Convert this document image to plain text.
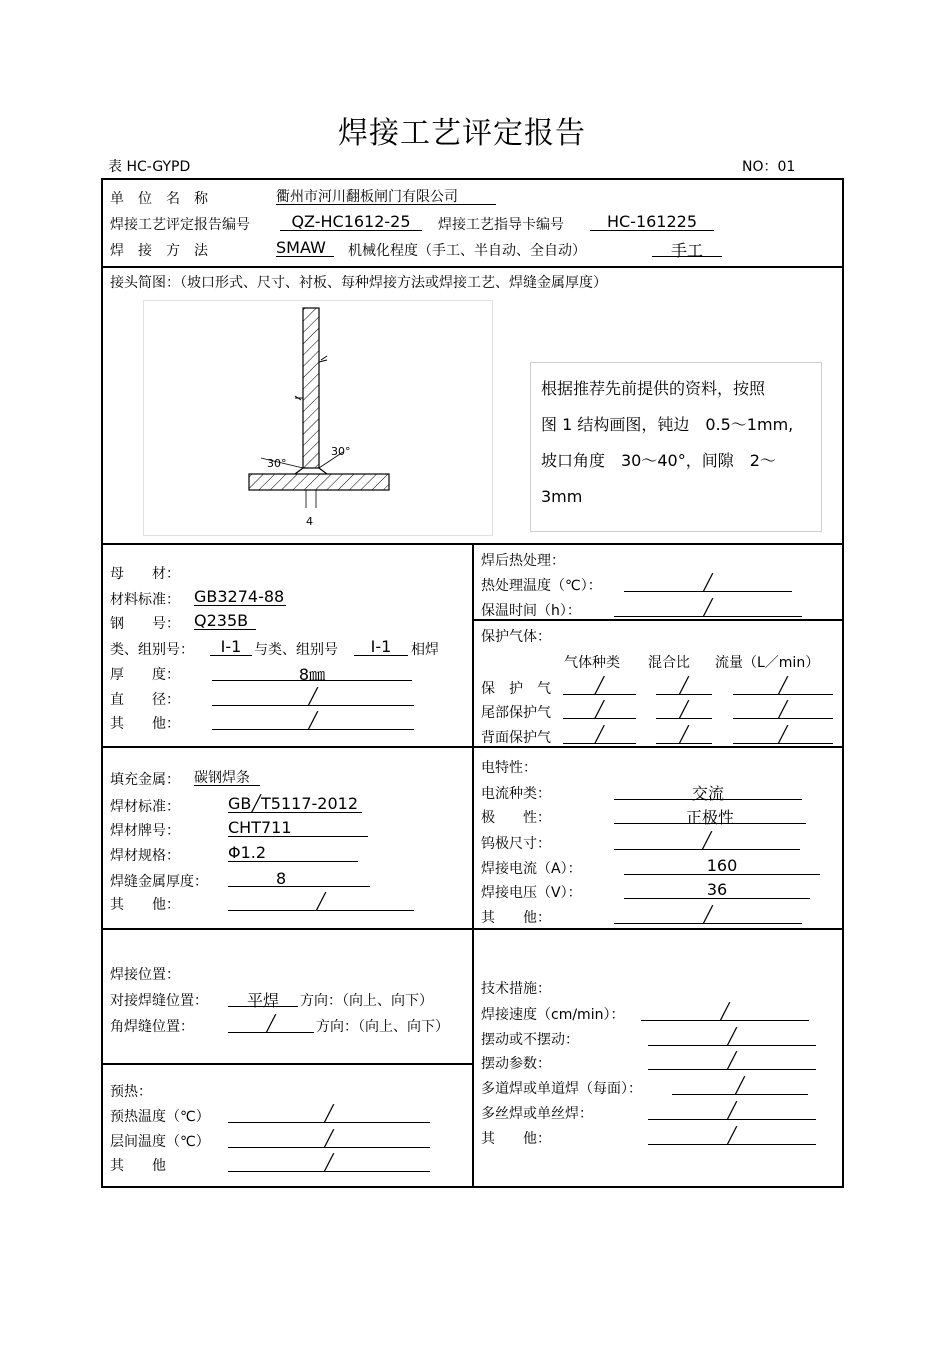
焊接工艺评定报告
表 HC-GYPD	NO：01
单　位　名　称	衢州市河川翻板闸门有限公司
焊接工艺评定报告编号	QZ-HC1612-25	焊接工艺指导卡编号	HC-161225
焊　接　方　法	SMAW	机械化程度（手工、半自动、全自动）	手工
接头简图：（坡口形式、尺寸、衬板、每种焊接方法或焊接工艺、焊缝金属厚度）
30°
30°
4
根据推荐先前提供的资料，按照
图 1 结构画图，钝边　0.5～1mm,
坡口角度　30～40°，间隙　2～
3mm
母　　材：
材料标准： GB3274-88
钢　　号： Q235B
类、组别号：	Ⅰ-1 与类、组别号	Ⅰ-1	相焊
厚　　度：	8㎜
直　　径：	╱
其　　他：	╱
焊后热处理：
热处理温度（℃）：	╱
保温时间（h）：	╱
保护气体：
气体种类 混合比 流量（L／min）
保　护　气	╱	╱	╱
尾部保护气	╱	╱	╱
背面保护气	╱	╱	╱
填充金属： 碳钢焊条
焊材标准：	GB╱T5117-2012
焊材牌号：	CHT711
焊材规格：	Φ1.2
焊缝金属厚度：	8
其　　他：	╱
电特性：
电流种类：	交流
极　　性：	正极性
钨极尺寸：	╱
焊接电流（A）：	160
焊接电压（V）：	36
其　　他：	╱
焊接位置：
对接焊缝位置：	平焊	方向：（向上、向下）
角焊缝位置：	╱	方向：（向上、向下）
预热：
预热温度（℃）	╱
层间温度（℃）	╱
其　　他	╱
技术措施：
焊接速度（cm/min）：	╱
摆动或不摆动：	╱
摆动参数：	╱
多道焊或单道焊（每面）：	╱
多丝焊或单丝焊：	╱
其　　他：	╱
